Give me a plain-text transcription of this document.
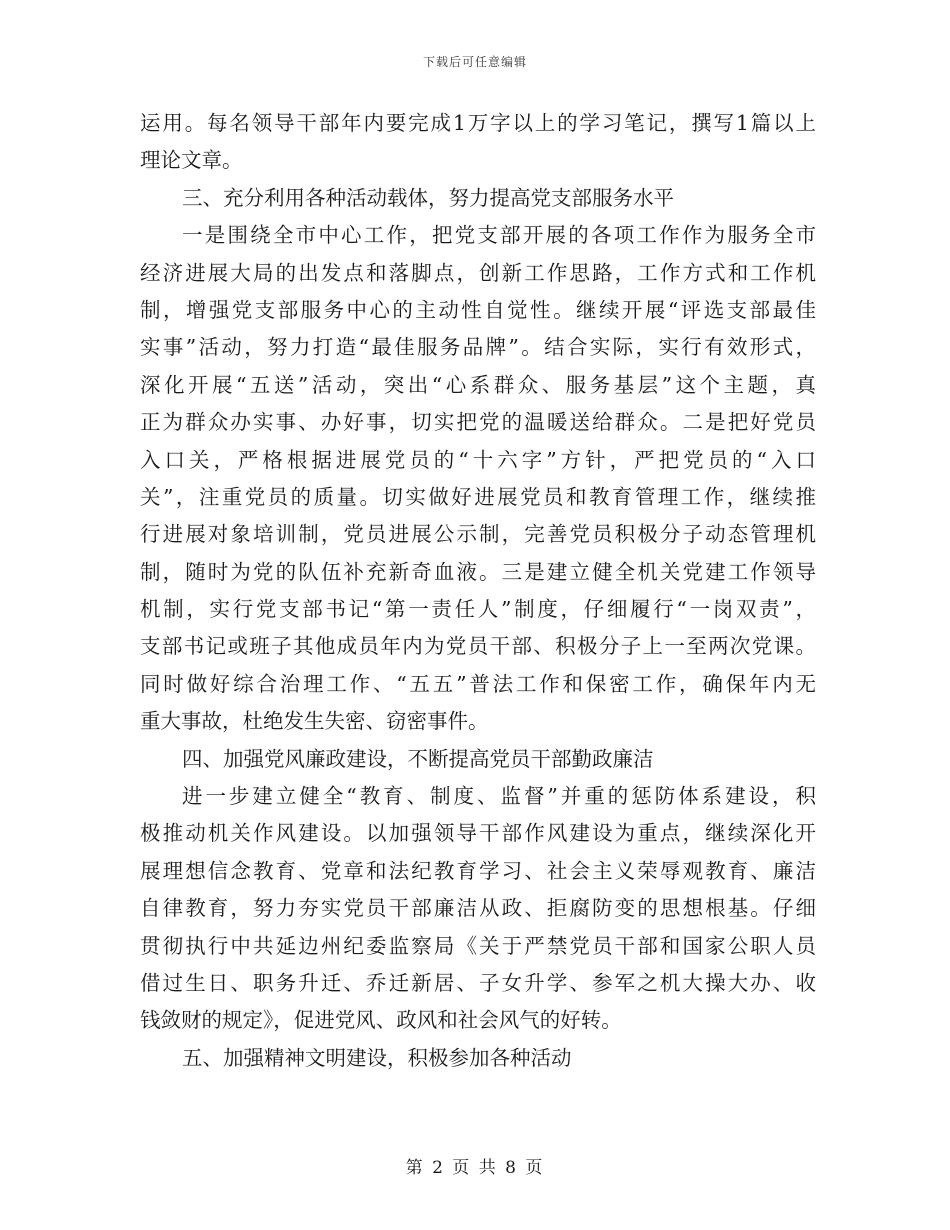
下载后可任意编辑
运用。每名领导干部年内要完成1万字以上的学习笔记，撰写1篇以上
理论文章。
三、充分利用各种活动载体，努力提高党支部服务水平
一是围绕全市中心工作，把党支部开展的各项工作作为服务全市
经济进展大局的出发点和落脚点，创新工作思路，工作方式和工作机
制，增强党支部服务中心的主动性自觉性。继续开展“评选支部最佳
实事”活动，努力打造“最佳服务品牌”。结合实际，实行有效形式，
深化开展“五送”活动，突出“心系群众、服务基层”这个主题，真
正为群众办实事、办好事，切实把党的温暖送给群众。二是把好党员
入口关，严格根据进展党员的“十六字”方针，严把党员的“入口
关”，注重党员的质量。切实做好进展党员和教育管理工作，继续推
行进展对象培训制，党员进展公示制，完善党员积极分子动态管理机
制，随时为党的队伍补充新奇血液。三是建立健全机关党建工作领导
机制，实行党支部书记“第一责任人”制度，仔细履行“一岗双责”，
支部书记或班子其他成员年内为党员干部、积极分子上一至两次党课。
同时做好综合治理工作、“五五”普法工作和保密工作，确保年内无
重大事故，杜绝发生失密、窃密事件。
四、加强党风廉政建设，不断提高党员干部勤政廉洁
进一步建立健全“教育、制度、监督”并重的惩防体系建设，积
极推动机关作风建设。以加强领导干部作风建设为重点，继续深化开
展理想信念教育、党章和法纪教育学习、社会主义荣辱观教育、廉洁
自律教育，努力夯实党员干部廉洁从政、拒腐防变的思想根基。仔细
贯彻执行中共延边州纪委监察局《关于严禁党员干部和国家公职人员
借过生日、职务升迁、乔迁新居、子女升学、参军之机大操大办、收
钱敛财的规定》，促进党风、政风和社会风气的好转。
五、加强精神文明建设，积极参加各种活动
第 2 页 共 8 页
